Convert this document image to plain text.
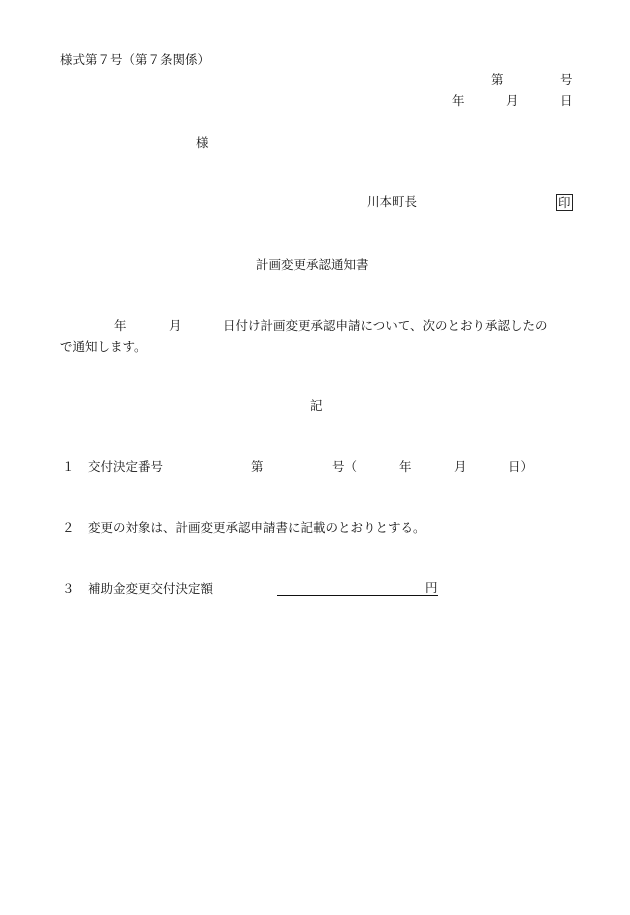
様式第７号（第７条関係）
第	号
年	月	日
様
川本町長	印
計画変更承認通知書
年	月	日付け計画変更承認申請について、次のとおり承認したの
で通知します。
記
１ 交付決定番号	第	号（	年	月	日）
２ 変更の対象は、計画変更承認申請書に記載のとおりとする。
３ 補助金変更交付決定額	円
